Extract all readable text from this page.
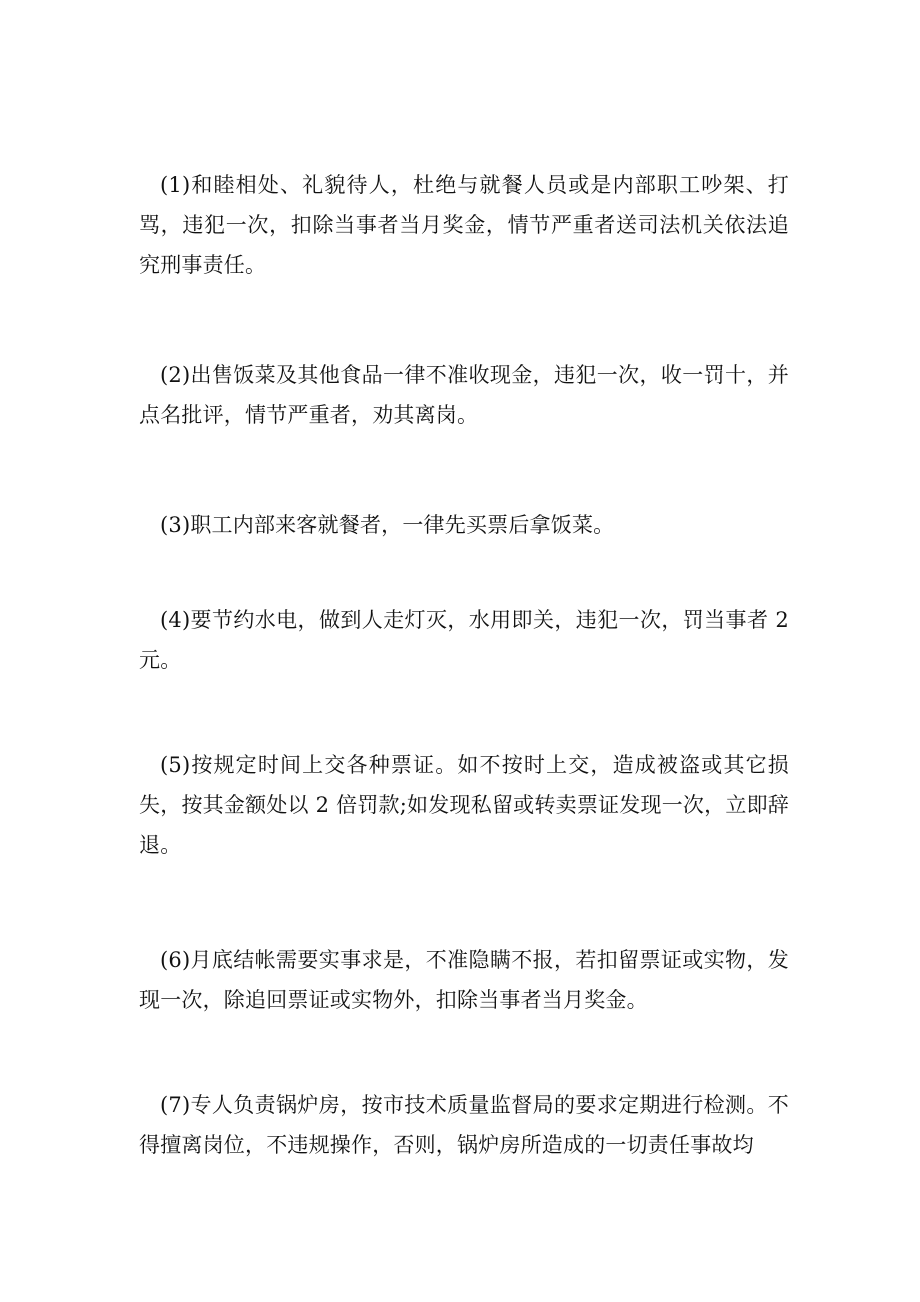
(1)和睦相处、礼貌待人，杜绝与就餐人员或是内部职工吵架、打骂，违犯一次，扣除当事者当月奖金，情节严重者送司法机关依法追究刑事责任。

(2)出售饭菜及其他食品一律不准收现金，违犯一次，收一罚十，并点名批评，情节严重者，劝其离岗。

(3)职工内部来客就餐者，一律先买票后拿饭菜。

(4)要节约水电，做到人走灯灭，水用即关，违犯一次，罚当事者 2 元。

(5)按规定时间上交各种票证。如不按时上交，造成被盗或其它损失，按其金额处以 2 倍罚款;如发现私留或转卖票证发现一次，立即辞退。

(6)月底结帐需要实事求是，不准隐瞒不报，若扣留票证或实物，发现一次，除追回票证或实物外，扣除当事者当月奖金。

(7)专人负责锅炉房，按市技术质量监督局的要求定期进行检测。不得擅离岗位，不违规操作，否则，锅炉房所造成的一切责任事故均
